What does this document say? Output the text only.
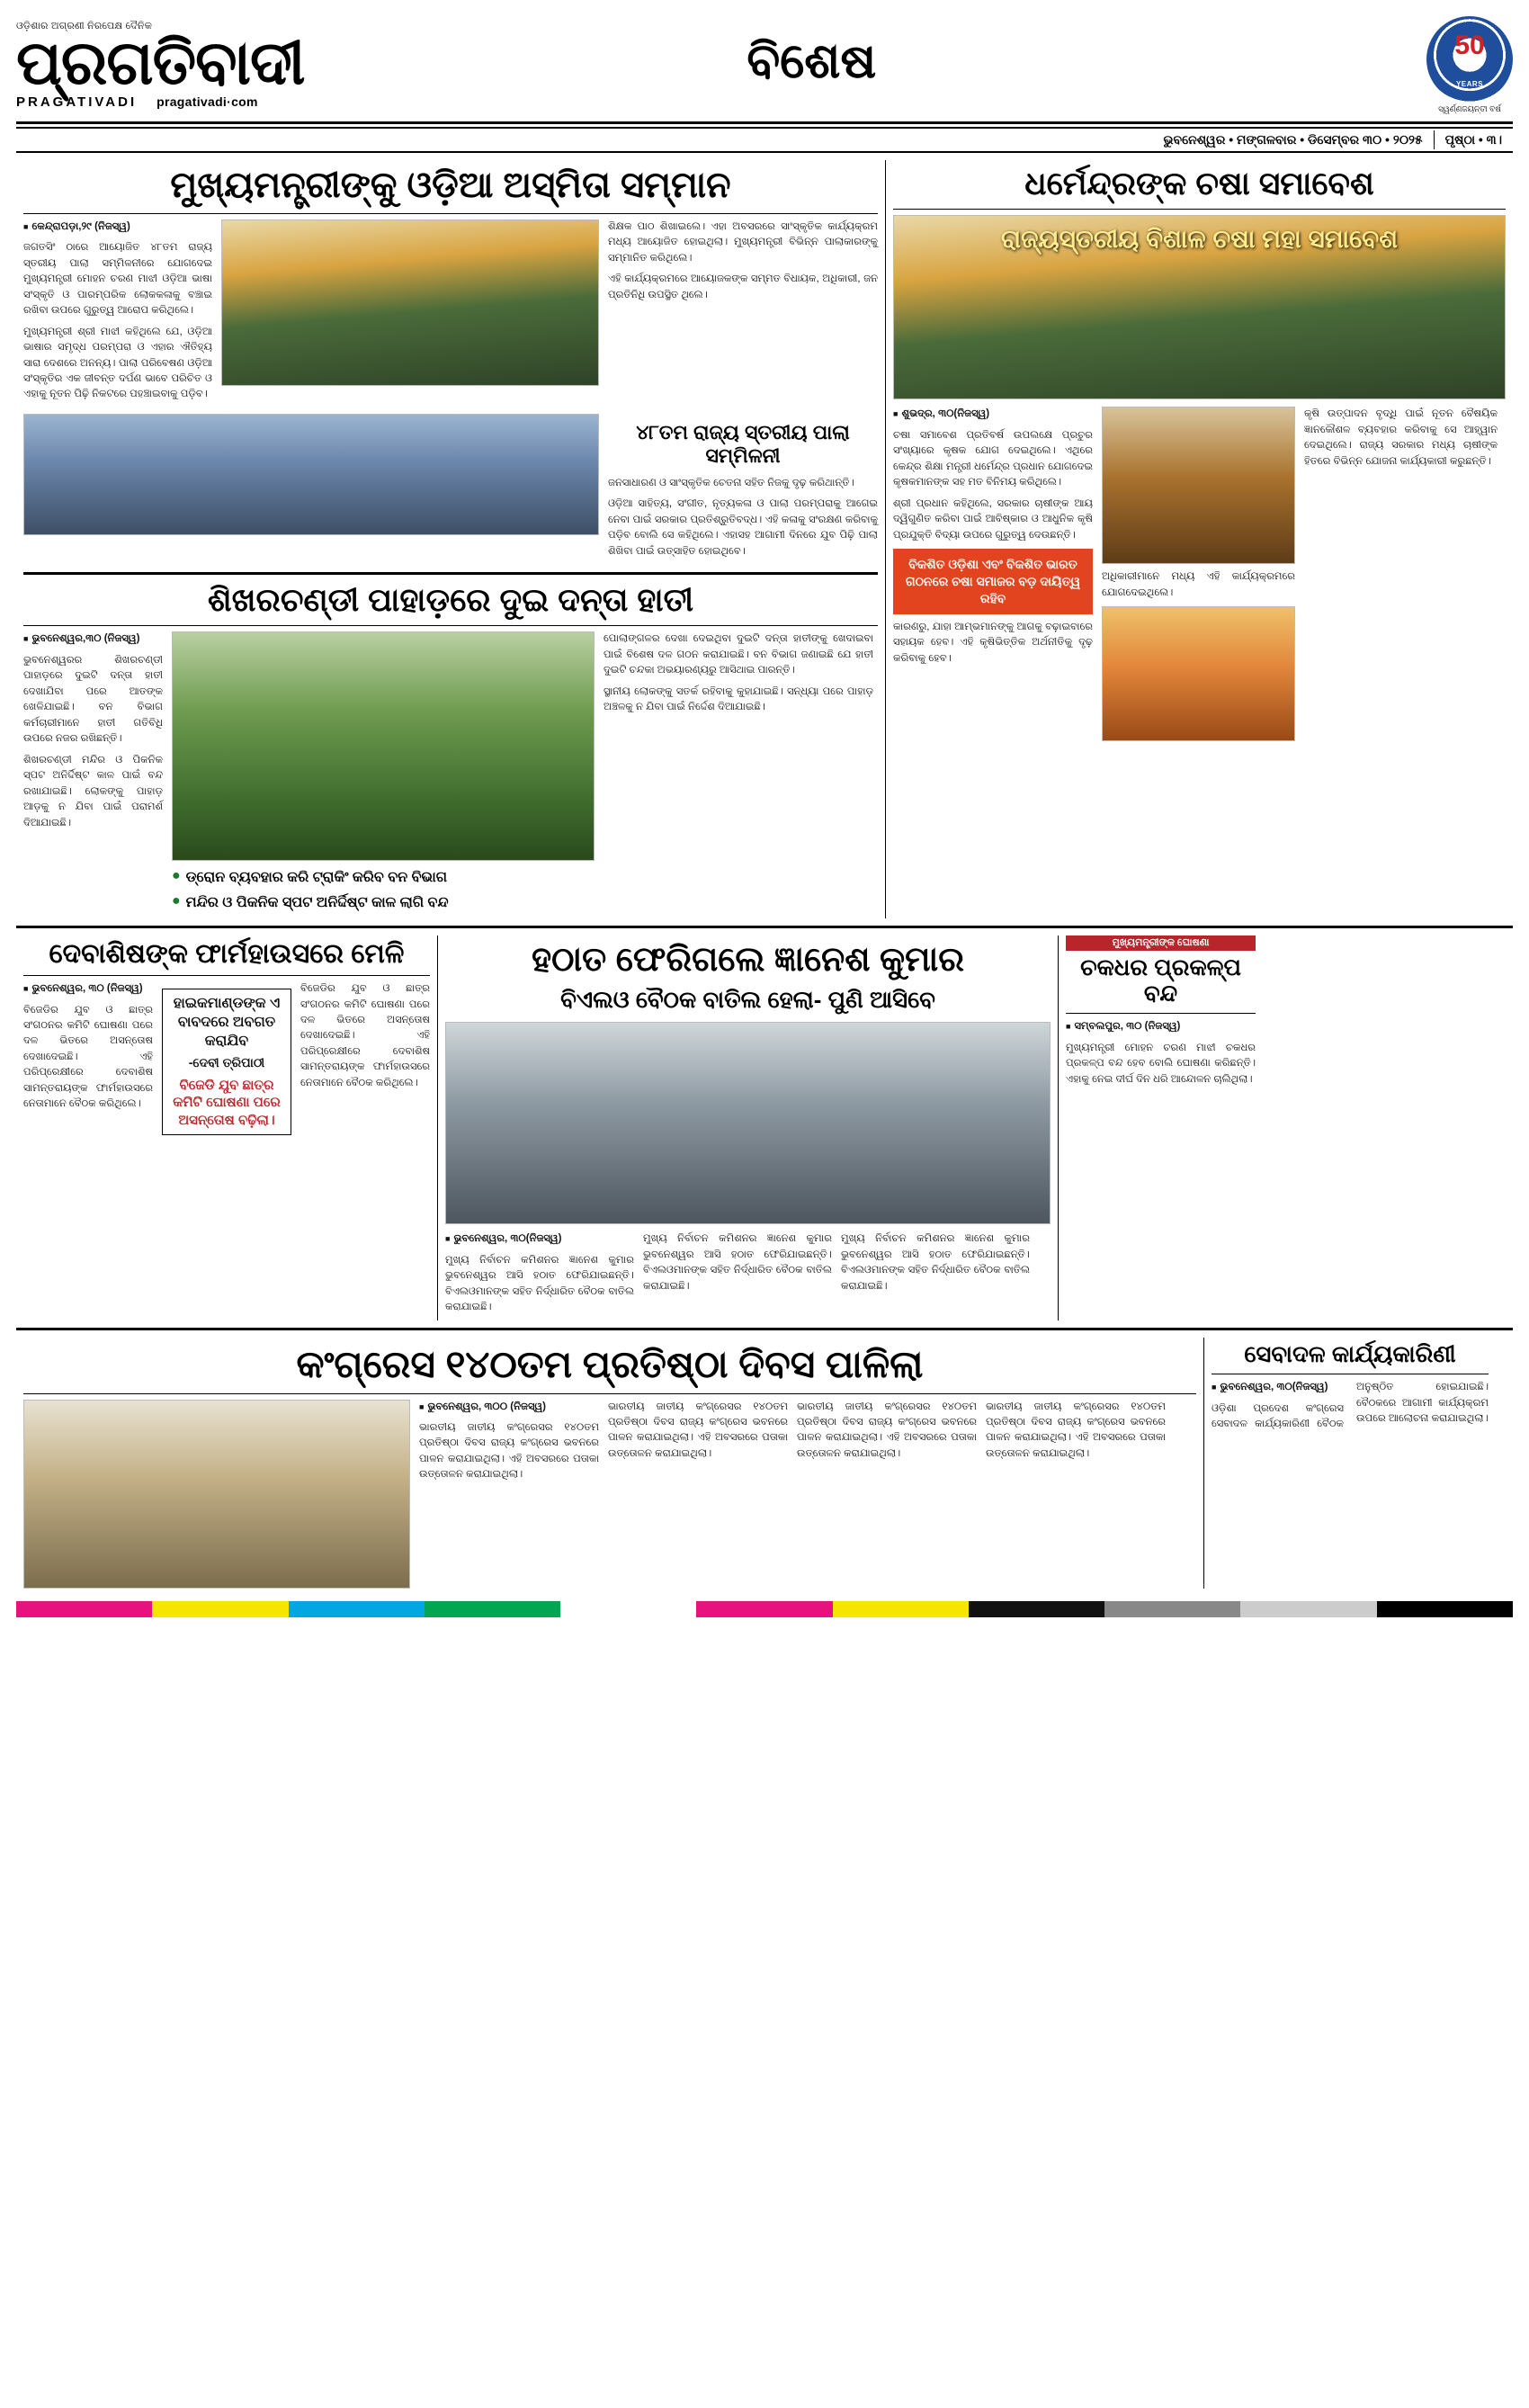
ଓଡ଼ିଶାର ଅଗ୍ରଣୀ ନିରପେକ୍ଷ ଦୈନିକ
ପ୍ରଗତିବାଦୀ
PRAGATIVADI pragativadi·com
ବିଶେଷ	50
YEARS
ସ୍ୱର୍ଣ୍ଣଜୟନ୍ତୀ ବର୍ଷ
ଭୁବନେଶ୍ୱର • ମଙ୍ଗଳବାର • ଡିସେମ୍ବର ୩୦ • ୨୦୨୫	ପୃଷ୍ଠା • ୩।
ମୁଖ୍ୟମନ୍ତ୍ରୀଙ୍କୁ ଓଡ଼ିଆ ଅସ୍ମିତା ସମ୍ମାନ

■ କେନ୍ଦ୍ରାପଡ଼ା,୨୯ (ନିଜସ୍ୱ)

ଜଗତସିଂ ଠାରେ ଆୟୋଜିତ ୪୮ତମ ରାଜ୍ୟ ସ୍ତରୀୟ ପାଲା ସମ୍ମିଳନୀରେ ଯୋଗଦେଇ ମୁଖ୍ୟମନ୍ତ୍ରୀ ମୋହନ ଚରଣ ମାଝୀ ଓଡ଼ିଆ ଭାଷା ସଂସ୍କୃତି ଓ ପାରମ୍ପରିକ ଲୋକକଳାକୁ ବଞ୍ଚାଇ ରଖିବା ଉପରେ ଗୁରୁତ୍ୱ ଆରୋପ କରିଥିଲେ।

ମୁଖ୍ୟମନ୍ତ୍ରୀ ଶ୍ରୀ ମାଝୀ କହିଥିଲେ ଯେ, ଓଡ଼ିଆ ଭାଷାର ସମୃଦ୍ଧ ପରମ୍ପରା ଓ ଏହାର ଐତିହ୍ୟ ସାରା ଦେଶରେ ଅନନ୍ୟ। ପାଲା ପରିବେଷଣ ଓଡ଼ିଆ ସଂସ୍କୃତିର ଏକ ଜୀବନ୍ତ ଦର୍ପଣ ଭାବେ ପରିଚିତ ଓ ଏହାକୁ ନୂତନ ପିଢ଼ି ନିକଟରେ ପହଞ୍ଚାଇବାକୁ ପଡ଼ିବ।

ଶିକ୍ଷକ ପାଠ ଶିଖାଇଲେ। ଏହା ଅବସରରେ ସାଂସ୍କୃତିକ କାର୍ଯ୍ୟକ୍ରମ ମଧ୍ୟ ଆୟୋଜିତ ହୋଇଥିଲା। ମୁଖ୍ୟମନ୍ତ୍ରୀ ବିଭିନ୍ନ ପାଲାକାରଙ୍କୁ ସମ୍ମାନିତ କରିଥିଲେ।

ଏହି କାର୍ଯ୍ୟକ୍ରମରେ ଆୟୋଜକଙ୍କ ସମ୍ମତ ବିଧାୟକ, ଅଧିକାରୀ, ଜନ ପ୍ରତିନିଧି ଉପସ୍ଥିତ ଥିଲେ।

୪୮ତମ ରାଜ୍ୟ ସ୍ତରୀୟ ପାଲା ସମ୍ମିଳନୀ

ଜନସାଧାରଣ ଓ ସାଂସ୍କୃତିକ ଚେତନା ସହିତ ନିଜକୁ ଦୃଢ଼ କରିଥାନ୍ତି।

ଓଡ଼ିଆ ସାହିତ୍ୟ, ସଂଗୀତ, ନୃତ୍ୟକଳା ଓ ପାଲା ପରମ୍ପରାକୁ ଆଗେଇ ନେବା ପାଇଁ ସରକାର ପ୍ରତିଶ୍ରୁତିବଦ୍ଧ। ଏହି କଳାକୁ ସଂରକ୍ଷଣ କରିବାକୁ ପଡ଼ିବ ବୋଲି ସେ କହିଥିଲେ। ଏହାସହ ଆଗାମୀ ଦିନରେ ଯୁବ ପିଢ଼ି ପାଲା ଶିଖିବା ପାଇଁ ଉତ୍ସାହିତ ହୋଇଥିବେ।

ଶିଖରଚଣ୍ଡୀ ପାହାଡ଼ରେ ଦୁଇ ଦନ୍ତା ହାତୀ

■ ଭୁବନେଶ୍ୱର,୩୦ (ନିଜସ୍ୱ)

ଭୁବନେଶ୍ୱରର ଶିଖରଚଣ୍ଡୀ ପାହାଡ଼ରେ ଦୁଇଟି ଦନ୍ତା ହାତୀ ଦେଖାଯିବା ପରେ ଆତଙ୍କ ଖେଳିଯାଇଛି। ବନ ବିଭାଗ କର୍ମଚାରୀମାନେ ହାତୀ ଗତିବିଧି ଉପରେ ନଜର ରଖିଛନ୍ତି।

ଶିଖରଚଣ୍ଡୀ ମନ୍ଦିର ଓ ପିକନିକ ସ୍ପଟ ଅନିର୍ଦ୍ଦିଷ୍ଟ କାଳ ପାଇଁ ବନ୍ଦ ରଖାଯାଇଛି। ଲୋକଙ୍କୁ ପାହାଡ଼ ଆଡ଼କୁ ନ ଯିବା ପାଇଁ ପରାମର୍ଶ ଦିଆଯାଇଛି।

● ଡ୍ରୋନ ବ୍ୟବହାର କରି ଟ୍ରାକିଂ କରିବ ବନ ବିଭାଗ
● ମନ୍ଦିର ଓ ପିକନିକ ସ୍ପଟ ଅନିର୍ଦ୍ଦିଷ୍ଟ କାଳ ଲାଗି ବନ୍ଦ

ପୋଲାଙ୍ଗଳର ଦେଖା ଦେଇଥିବା ଦୁଇଟି ଦନ୍ତା ହାତୀଙ୍କୁ ଖେଦାଇବା ପାଇଁ ବିଶେଷ ଦଳ ଗଠନ କରାଯାଇଛି। ବନ ବିଭାଗ ଜଣାଇଛି ଯେ ହାତୀ ଦୁଇଟି ଚନ୍ଦକା ଅଭୟାରଣ୍ୟରୁ ଆସିଥାଇ ପାରନ୍ତି।

ସ୍ଥାନୀୟ ଲୋକଙ୍କୁ ସତର୍କ ରହିବାକୁ କୁହାଯାଇଛି। ସନ୍ଧ୍ୟା ପରେ ପାହାଡ଼ ଅଞ୍ଚଳକୁ ନ ଯିବା ପାଇଁ ନିର୍ଦ୍ଦେଶ ଦିଆଯାଇଛି।

ଧର୍ମେନ୍ଦ୍ରଙ୍କ ଚଷା ସମାବେଶ
ରାଜ୍ୟସ୍ତରୀୟ ବିଶାଳ ଚଷା ମହା ସମାବେଶ

■ ଶୁଭଦ୍ର, ୩୦(ନିଜସ୍ୱ)

ଚଷା ସମାବେଶ ପ୍ରତିବର୍ଷ ଉପଲକ୍ଷେ ପ୍ରଚୁର ସଂଖ୍ୟାରେ କୃଷକ ଯୋଗ ଦେଇଥିଲେ। ଏଥିରେ କେନ୍ଦ୍ର ଶିକ୍ଷା ମନ୍ତ୍ରୀ ଧର୍ମେନ୍ଦ୍ର ପ୍ରଧାନ ଯୋଗଦେଇ କୃଷକମାନଙ୍କ ସହ ମତ ବିନିମୟ କରିଥିଲେ।

ଶ୍ରୀ ପ୍ରଧାନ କହିଥିଲେ, ସରକାର ଚାଷୀଙ୍କ ଆୟ ଦ୍ୱିଗୁଣିତ କରିବା ପାଇଁ ଆବିଷ୍କାର ଓ ଆଧୁନିକ କୃଷି ପ୍ରଯୁକ୍ତି ବିଦ୍ୟା ଉପରେ ଗୁରୁତ୍ୱ ଦେଉଛନ୍ତି।

ବିକଶିତ ଓଡ଼ିଶା ଏବଂ ବିକଶିତ ଭାରତ ଗଠନରେ ଚଷା ସମାଜର ବଡ଼ ଦାୟିତ୍ୱ ରହିବ

କାରଣରୁ, ଯାହା ଆମ୍ଭମାନଙ୍କୁ ଆଗକୁ ବଢ଼ାଇବାରେ ସହାୟକ ହେବ। ଏହି କୃଷିଭିତ୍ତିକ ଅର୍ଥନୀତିକୁ ଦୃଢ଼ କରିବାକୁ ହେବ।

ଅଧିକାରୀମାନେ ମଧ୍ୟ ଏହି କାର୍ଯ୍ୟକ୍ରମରେ ଯୋଗଦେଇଥିଲେ।

କୃଷି ଉତ୍ପାଦନ ବୃଦ୍ଧି ପାଇଁ ନୂତନ ବୈଷୟିକ ଜ୍ଞାନକୌଶଳ ବ୍ୟବହାର କରିବାକୁ ସେ ଆହ୍ୱାନ ଦେଇଥିଲେ। ରାଜ୍ୟ ସରକାର ମଧ୍ୟ ଚାଷୀଙ୍କ ହିତରେ ବିଭିନ୍ନ ଯୋଜନା କାର୍ଯ୍ୟକାରୀ କରୁଛନ୍ତି।

ଦେବାଶିଷଙ୍କ ଫାର୍ମହାଉସରେ ମେଳି

■ ଭୁବନେଶ୍ୱର, ୩୦ (ନିଜସ୍ୱ)

ବିଜେଡିର ଯୁବ ଓ ଛାତ୍ର ସଂଗଠନର କମିଟି ଘୋଷଣା ପରେ ଦଳ ଭିତରେ ଅସନ୍ତୋଷ ଦେଖାଦେଇଛି। ଏହି ପରିପ୍ରେକ୍ଷୀରେ ଦେବାଶିଷ ସାମନ୍ତରାୟଙ୍କ ଫାର୍ମହାଉସରେ ନେତାମାନେ ବୈଠକ କରିଥିଲେ।

ହାଇକମାଣ୍ଡଙ୍କ ଏ ବାବଦରେ ଅବଗତ କରାଯିବ
-ଦେବୀ ତ୍ରିପାଠୀ
ବିଜେଡି ଯୁବ ଛାତ୍ର କମିଟି ଘୋଷଣା ପରେ ଅସନ୍ତୋଷ ବଢ଼ିଲା।

ବିଜେଡିର ଯୁବ ଓ ଛାତ୍ର ସଂଗଠନର କମିଟି ଘୋଷଣା ପରେ ଦଳ ଭିତରେ ଅସନ୍ତୋଷ ଦେଖାଦେଇଛି। ଏହି ପରିପ୍ରେକ୍ଷୀରେ ଦେବାଶିଷ ସାମନ୍ତରାୟଙ୍କ ଫାର୍ମହାଉସରେ ନେତାମାନେ ବୈଠକ କରିଥିଲେ।

ହଠାତ ଫେରିଗଲେ ଜ୍ଞାନେଶ କୁମାର
ବିଏଲଓ ବୈଠକ ବାତିଲ ହେଲା- ପୁଣି ଆସିବେ

■ ଭୁବନେଶ୍ୱର, ୩୦(ନିଜସ୍ୱ)

ମୁଖ୍ୟ ନିର୍ବାଚନ କମିଶନର ଜ୍ଞାନେଶ କୁମାର ଭୁବନେଶ୍ୱର ଆସି ହଠାତ ଫେରିଯାଇଛନ୍ତି। ବିଏଲଓମାନଙ୍କ ସହିତ ନିର୍ଦ୍ଧାରିତ ବୈଠକ ବାତିଲ କରାଯାଇଛି।

ମୁଖ୍ୟ ନିର୍ବାଚନ କମିଶନର ଜ୍ଞାନେଶ କୁମାର ଭୁବନେଶ୍ୱର ଆସି ହଠାତ ଫେରିଯାଇଛନ୍ତି। ବିଏଲଓମାନଙ୍କ ସହିତ ନିର୍ଦ୍ଧାରିତ ବୈଠକ ବାତିଲ କରାଯାଇଛି।

ମୁଖ୍ୟ ନିର୍ବାଚନ କମିଶନର ଜ୍ଞାନେଶ କୁମାର ଭୁବନେଶ୍ୱର ଆସି ହଠାତ ଫେରିଯାଇଛନ୍ତି। ବିଏଲଓମାନଙ୍କ ସହିତ ନିର୍ଦ୍ଧାରିତ ବୈଠକ ବାତିଲ କରାଯାଇଛି।

ମୁଖ୍ୟମନ୍ତ୍ରୀଙ୍କ ଘୋଷଣା
ଚକଧର ପ୍ରକଳ୍ପ ବନ୍ଦ

■ ସମ୍ବଲପୁର, ୩୦ (ନିଜସ୍ୱ)

ମୁଖ୍ୟମନ୍ତ୍ରୀ ମୋହନ ଚରଣ ମାଝୀ ଚକଧର ପ୍ରକଳ୍ପ ବନ୍ଦ ହେବ ବୋଲି ଘୋଷଣା କରିଛନ୍ତି। ଏହାକୁ ନେଇ ଦୀର୍ଘ ଦିନ ଧରି ଆନ୍ଦୋଳନ ଚାଲିଥିଲା।

କଂଗ୍ରେସ ୧୪୦ତମ ପ୍ରତିଷ୍ଠା ଦିବସ ପାଳିଲା

■ ଭୁବନେଶ୍ୱର, ୩୦୦ (ନିଜସ୍ୱ)

ଭାରତୀୟ ଜାତୀୟ କଂଗ୍ରେସର ୧୪୦ତମ ପ୍ରତିଷ୍ଠା ଦିବସ ରାଜ୍ୟ କଂଗ୍ରେସ ଭବନରେ ପାଳନ କରାଯାଇଥିଲା। ଏହି ଅବସରରେ ପତାକା ଉତ୍ତୋଳନ କରାଯାଇଥିଲା।

ଭାରତୀୟ ଜାତୀୟ କଂଗ୍ରେସର ୧୪୦ତମ ପ୍ରତିଷ୍ଠା ଦିବସ ରାଜ୍ୟ କଂଗ୍ରେସ ଭବନରେ ପାଳନ କରାଯାଇଥିଲା। ଏହି ଅବସରରେ ପତାକା ଉତ୍ତୋଳନ କରାଯାଇଥିଲା।

ଭାରତୀୟ ଜାତୀୟ କଂଗ୍ରେସର ୧୪୦ତମ ପ୍ରତିଷ୍ଠା ଦିବସ ରାଜ୍ୟ କଂଗ୍ରେସ ଭବନରେ ପାଳନ କରାଯାଇଥିଲା। ଏହି ଅବସରରେ ପତାକା ଉତ୍ତୋଳନ କରାଯାଇଥିଲା।

ଭାରତୀୟ ଜାତୀୟ କଂଗ୍ରେସର ୧୪୦ତମ ପ୍ରତିଷ୍ଠା ଦିବସ ରାଜ୍ୟ କଂଗ୍ରେସ ଭବନରେ ପାଳନ କରାଯାଇଥିଲା। ଏହି ଅବସରରେ ପତାକା ଉତ୍ତୋଳନ କରାଯାଇଥିଲା।

ସେବାଦଳ କାର୍ଯ୍ୟକାରିଣୀ

■ ଭୁବନେଶ୍ୱର, ୩୦(ନିଜସ୍ୱ)

ଓଡ଼ିଶା ପ୍ରଦେଶ କଂଗ୍ରେସ ସେବାଦଳ କାର୍ଯ୍ୟକାରିଣୀ ବୈଠକ ଅନୁଷ୍ଠିତ ହୋଇଯାଇଛି। ବୈଠକରେ ଆଗାମୀ କାର୍ଯ୍ୟକ୍ରମ ଉପରେ ଆଲୋଚନା କରାଯାଇଥିଲା।
